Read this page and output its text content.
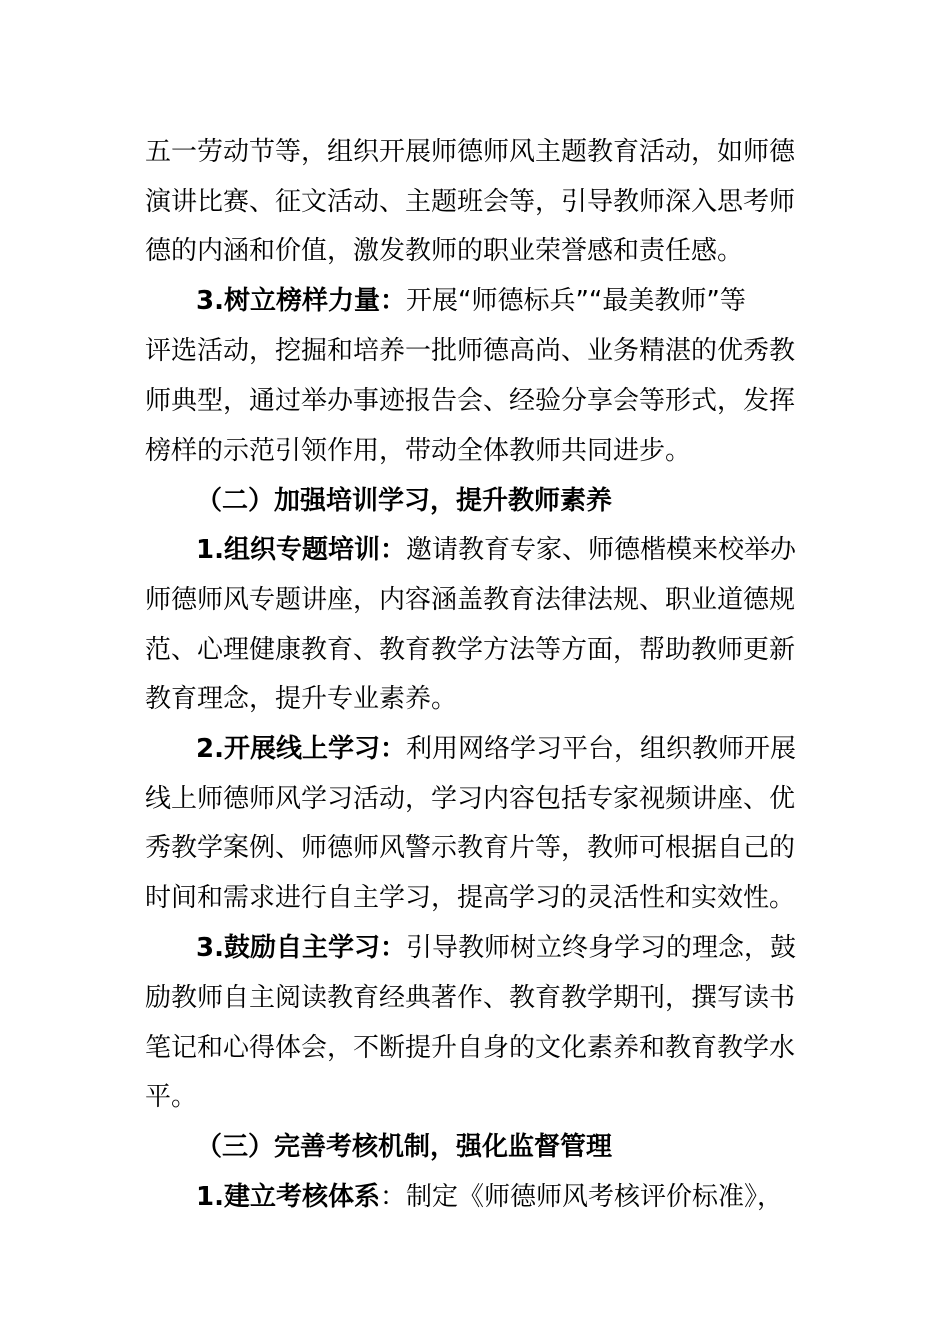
五一劳动节等，组织开展师德师风主题教育活动，如师德
演讲比赛、征文活动、主题班会等，引导教师深入思考师
德的内涵和价值，激发教师的职业荣誉感和责任感。
3.树立榜样力量：开展“师德标兵”“最美教师”等
评选活动，挖掘和培养一批师德高尚、业务精湛的优秀教
师典型，通过举办事迹报告会、经验分享会等形式，发挥
榜样的示范引领作用，带动全体教师共同进步。
（二）加强培训学习，提升教师素养
1.组织专题培训：邀请教育专家、师德楷模来校举办
师德师风专题讲座，内容涵盖教育法律法规、职业道德规
范、心理健康教育、教育教学方法等方面，帮助教师更新
教育理念，提升专业素养。
2.开展线上学习：利用网络学习平台，组织教师开展
线上师德师风学习活动，学习内容包括专家视频讲座、优
秀教学案例、师德师风警示教育片等，教师可根据自己的
时间和需求进行自主学习，提高学习的灵活性和实效性。
3.鼓励自主学习：引导教师树立终身学习的理念，鼓
励教师自主阅读教育经典著作、教育教学期刊，撰写读书
笔记和心得体会，不断提升自身的文化素养和教育教学水
平。
（三）完善考核机制，强化监督管理
1.建立考核体系：制定《师德师风考核评价标准》，
